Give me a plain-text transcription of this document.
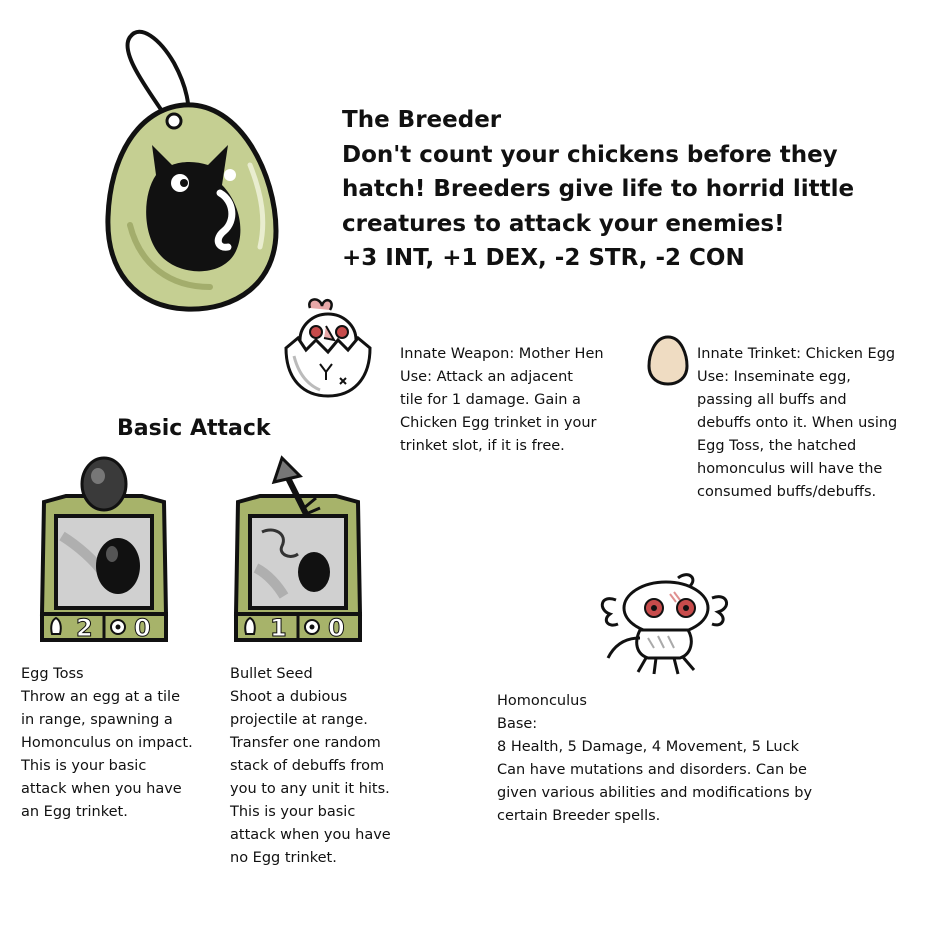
The Breeder
Don't count your chickens before they
hatch! Breeders give life to horrid little
creatures to attack your enemies!
+3 INT, +1 DEX, -2 STR, -2 CON
Innate Weapon: Mother Hen
Use: Attack an adjacent
tile for 1 damage. Gain a
Chicken Egg trinket in your
trinket slot, if it is free.
Innate Trinket: Chicken Egg
Use: Inseminate egg,
passing all buffs and
debuffs onto it. When using
Egg Toss, the hatched
homonculus will have the
consumed buffs/debuffs.
Basic Attack
2 0	1 0
Egg Toss
Throw an egg at a tile
in range, spawning a
Homonculus on impact.
This is your basic
attack when you have
an Egg trinket.
Bullet Seed
Shoot a dubious
projectile at range.
Transfer one random
stack of debuffs from
you to any unit it hits.
This is your basic
attack when you have
no Egg trinket.
Homonculus
Base:
8 Health, 5 Damage, 4 Movement, 5 Luck
Can have mutations and disorders. Can be
given various abilities and modifications by
certain Breeder spells.
